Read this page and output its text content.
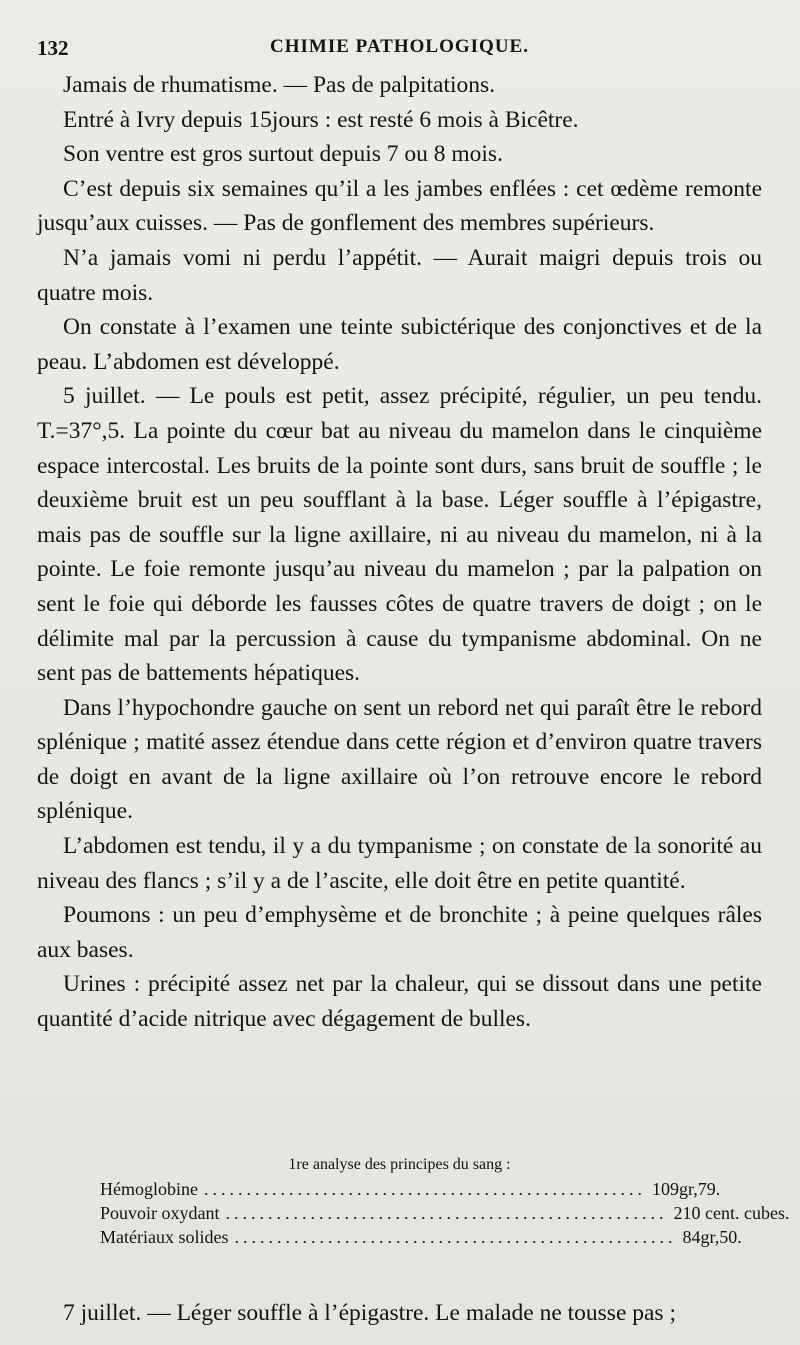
132	CHIMIE PATHOLOGIQUE.

Jamais de rhumatisme. — Pas de palpitations.

Entré à Ivry depuis 15jours : est resté 6 mois à Bicêtre.

Son ventre est gros surtout depuis 7 ou 8 mois.

C’est depuis six semaines qu’il a les jambes enflées : cet œdème remonte jusqu’aux cuisses. — Pas de gonflement des membres supérieurs.

N’a jamais vomi ni perdu l’appétit. — Aurait maigri depuis trois ou quatre mois.

On constate à l’examen une teinte subictérique des conjonctives et de la peau. L’abdomen est développé.

5 juillet. — Le pouls est petit, assez précipité, régulier, un peu tendu. T.=37°,5. La pointe du cœur bat au niveau du mamelon dans le cinquième espace intercostal. Les bruits de la pointe sont durs, sans bruit de souffle ; le deuxième bruit est un peu soufflant à la base. Léger souffle à l’épigastre, mais pas de souffle sur la ligne axillaire, ni au niveau du mamelon, ni à la pointe. Le foie remonte jusqu’au niveau du mamelon ; par la palpation on sent le foie qui déborde les fausses côtes de quatre travers de doigt ; on le délimite mal par la percussion à cause du tympanisme abdominal. On ne sent pas de battements hépatiques.

Dans l’hypochondre gauche on sent un rebord net qui paraît être le rebord splénique ; matité assez étendue dans cette région et d’environ quatre travers de doigt en avant de la ligne axillaire où l’on retrouve encore le rebord splénique.

L’abdomen est tendu, il y a du tympanisme ; on constate de la sonorité au niveau des flancs ; s’il y a de l’ascite, elle doit être en petite quantité.

Poumons : un peu d’emphysème et de bronchite ; à peine quelques râles aux bases.

Urines : précipité assez net par la chaleur, qui se dissout dans une petite quantité d’acide nitrique avec dégagement de bulles.

1re analyse des principes du sang :
Hémoglobine .................................................... 109gr,79.
Pouvoir oxydant .................................................... 210 cent. cubes.
Matériaux solides .................................................... 84gr,50.

7 juillet. — Léger souffle à l’épigastre. Le malade ne tousse pas ;
